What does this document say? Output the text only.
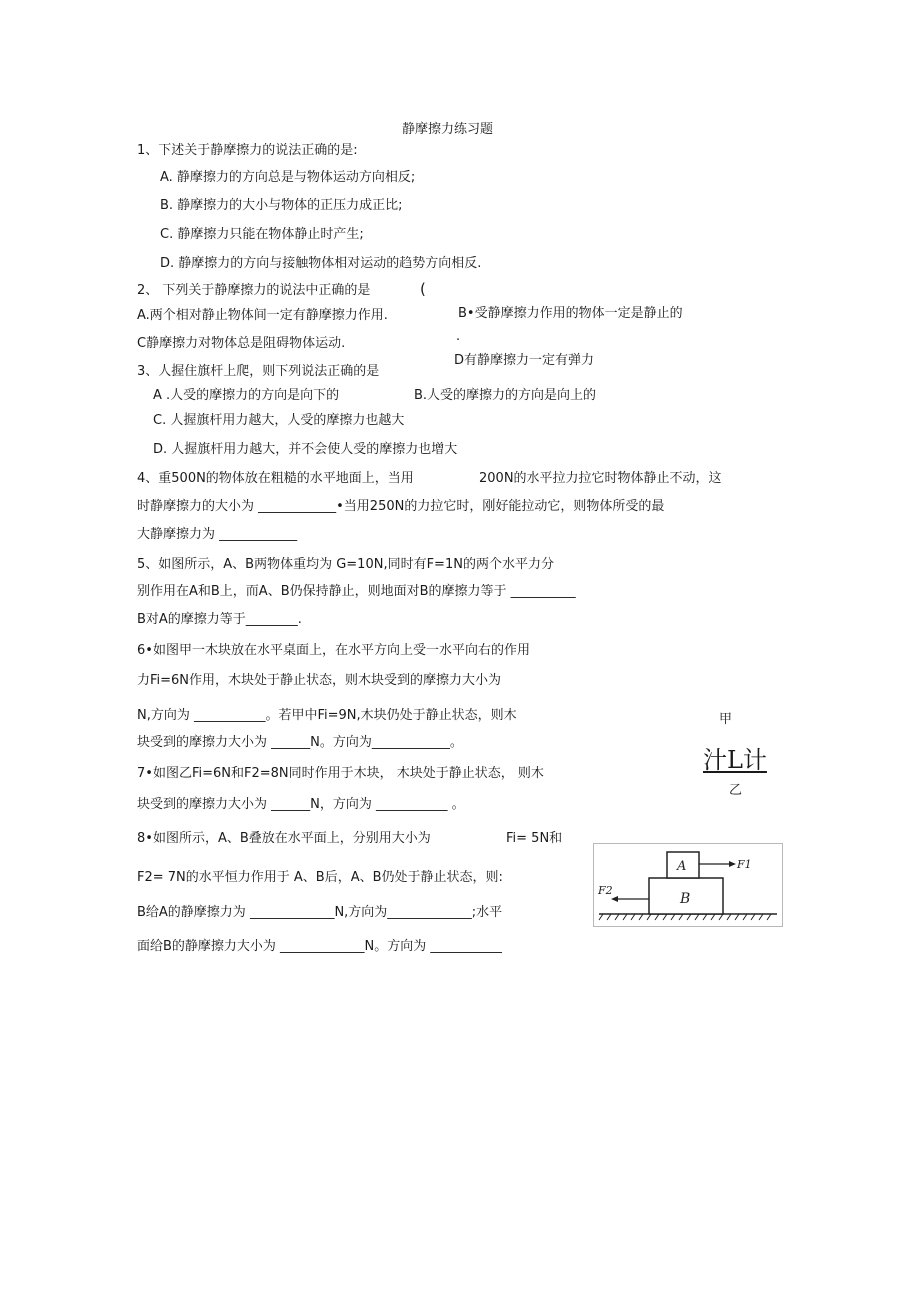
静摩擦力练习题
1、下述关于静摩擦力的说法正确的是:
A. 静摩擦力的方向总是与物体运动方向相反;
B. 静摩擦力的大小与物体的正压力成正比;
C. 静摩擦力只能在物体静止时产生;
D. 静摩擦力的方向与接触物体相对运动的趋势方向相反.
2、 下列关于静摩擦力的说法中正确的是	(
A.两个相对静止物体间一定有静摩擦力作用.	B•受静摩擦力作用的物体一定是静止的
.
C静摩擦力对物体总是阻碍物体运动.
D有静摩擦力一定有弹力
3、人握住旗杆上爬，则下列说法正确的是
A .人受的摩擦力的方向是向下的	B.人受的摩擦力的方向是向上的
C. 人握旗杆用力越大，人受的摩擦力也越大
D. 人握旗杆用力越大，并不会使人受的摩擦力也增大
4、重500N的物体放在粗糙的水平地面上，当用	200N的水平拉力拉它时物体静止不动，这
时静摩擦力的大小为 ____________•当用250N的力拉它时，刚好能拉动它，则物体所受的最
大静摩擦力为 ____________
5、如图所示，A、B两物体重均为 G=10N,同时有F=1N的两个水平力分
别作用在A和B上，而A、B仍保持静止，则地面对B的摩擦力等于 __________
B对A的摩擦力等于________.
6•如图甲一木块放在水平桌面上，在水平方向上受一水平向右的作用
力Fi=6N作用，木块处于静止状态，则木块受到的摩擦力大小为
N,方向为 ___________。若甲中Fi=9N,木块仍处于静止状态，则木
块受到的摩擦力大小为 ______N。方向为____________。
甲
汁L计
乙
7•如图乙Fi=6N和F2=8N同时作用于木块， 木块处于静止状态， 则木
块受到的摩擦力大小为 ______N，方向为 ___________ 。
8•如图所示，A、B叠放在水平面上，分别用大小为	Fi= 5N和
F2= 7N的水平恒力作用于 A、B后，A、B仍处于静止状态，则:
B给A的静摩擦力为 _____________N,方向为_____________;水平
面给B的静摩擦力大小为 _____________N。方向为 ___________
B
A	F1
F2
